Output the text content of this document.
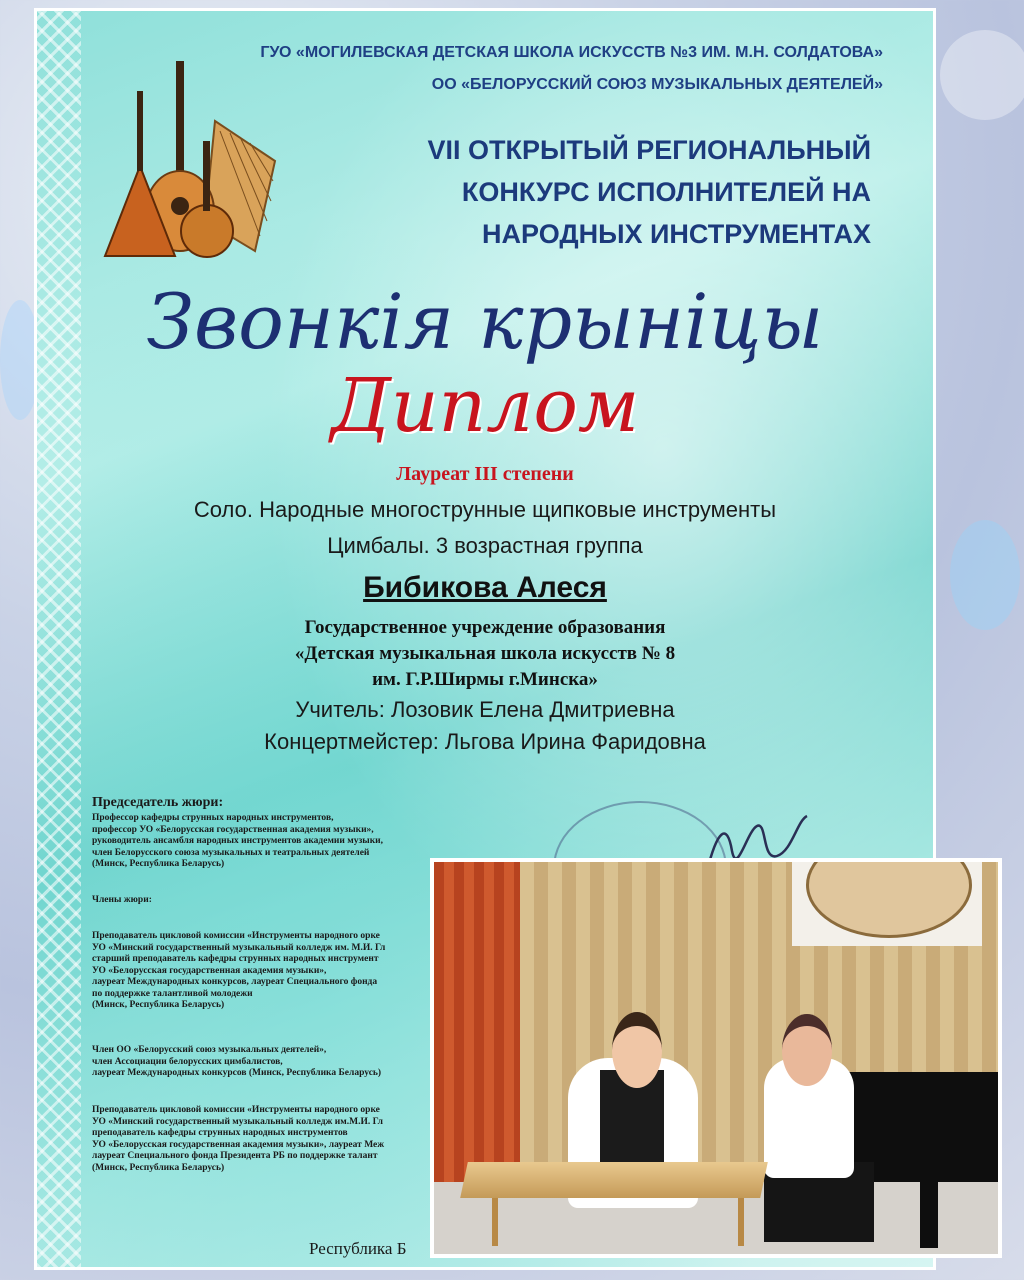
ГУО «МОГИЛЕВСКАЯ ДЕТСКАЯ ШКОЛА ИСКУССТВ №3 ИМ. М.Н. СОЛДАТОВА»

ОО «БЕЛОРУССКИЙ СОЮЗ МУЗЫКАЛЬНЫХ ДЕЯТЕЛЕЙ»

VII ОТКРЫТЫЙ РЕГИОНАЛЬНЫЙ

КОНКУРС ИСПОЛНИТЕЛЕЙ НА

НАРОДНЫХ ИНСТРУМЕНТАХ

Звонкія крыніцы

Диплом

Лауреат III степени

Соло. Народные многострунные щипковые инструменты

Цимбалы. 3 возрастная группа

Бибикова Алеся

Государственное учреждение образования

«Детская музыкальная школа искусств № 8

им. Г.Р.Ширмы г.Минска»

Учитель: Лозовик Елена Дмитриевна

Концертмейстер: Льгова Ирина Фаридовна

Председатель жюри:

Профессор кафедры струнных народных инструментов,
профессор УО «Белорусская государственная академия музыки»,
руководитель ансамбля народных инструментов академии музыки,
член Белорусского союза музыкальных и театральных деятелей
(Минск, Республика Беларусь)

Члены жюри:

Преподаватель цикловой комиссии «Инструменты народного орке
УО «Минский государственный музыкальный колледж им. М.И. Гл
старший преподаватель кафедры струнных народных инструмент
УО «Белорусская государственная академия музыки»,
лауреат Международных конкурсов, лауреат Специального фонда
по поддержке талантливой молодежи
(Минск, Республика Беларусь)

Член ОО «Белорусский союз музыкальных деятелей»,
член Ассоциации белорусских цимбалистов,
лауреат Международных конкурсов (Минск, Республика Беларусь)

Преподаватель цикловой комиссии «Инструменты народного орке
УО «Минский государственный музыкальный колледж им.М.И. Гл
преподаватель кафедры струнных народных инструментов
УО «Белорусская государственная академия музыки», лауреат Меж
лауреат Специального фонда Президента РБ по поддержке талант
(Минск, Республика Беларусь)

Республика Б
